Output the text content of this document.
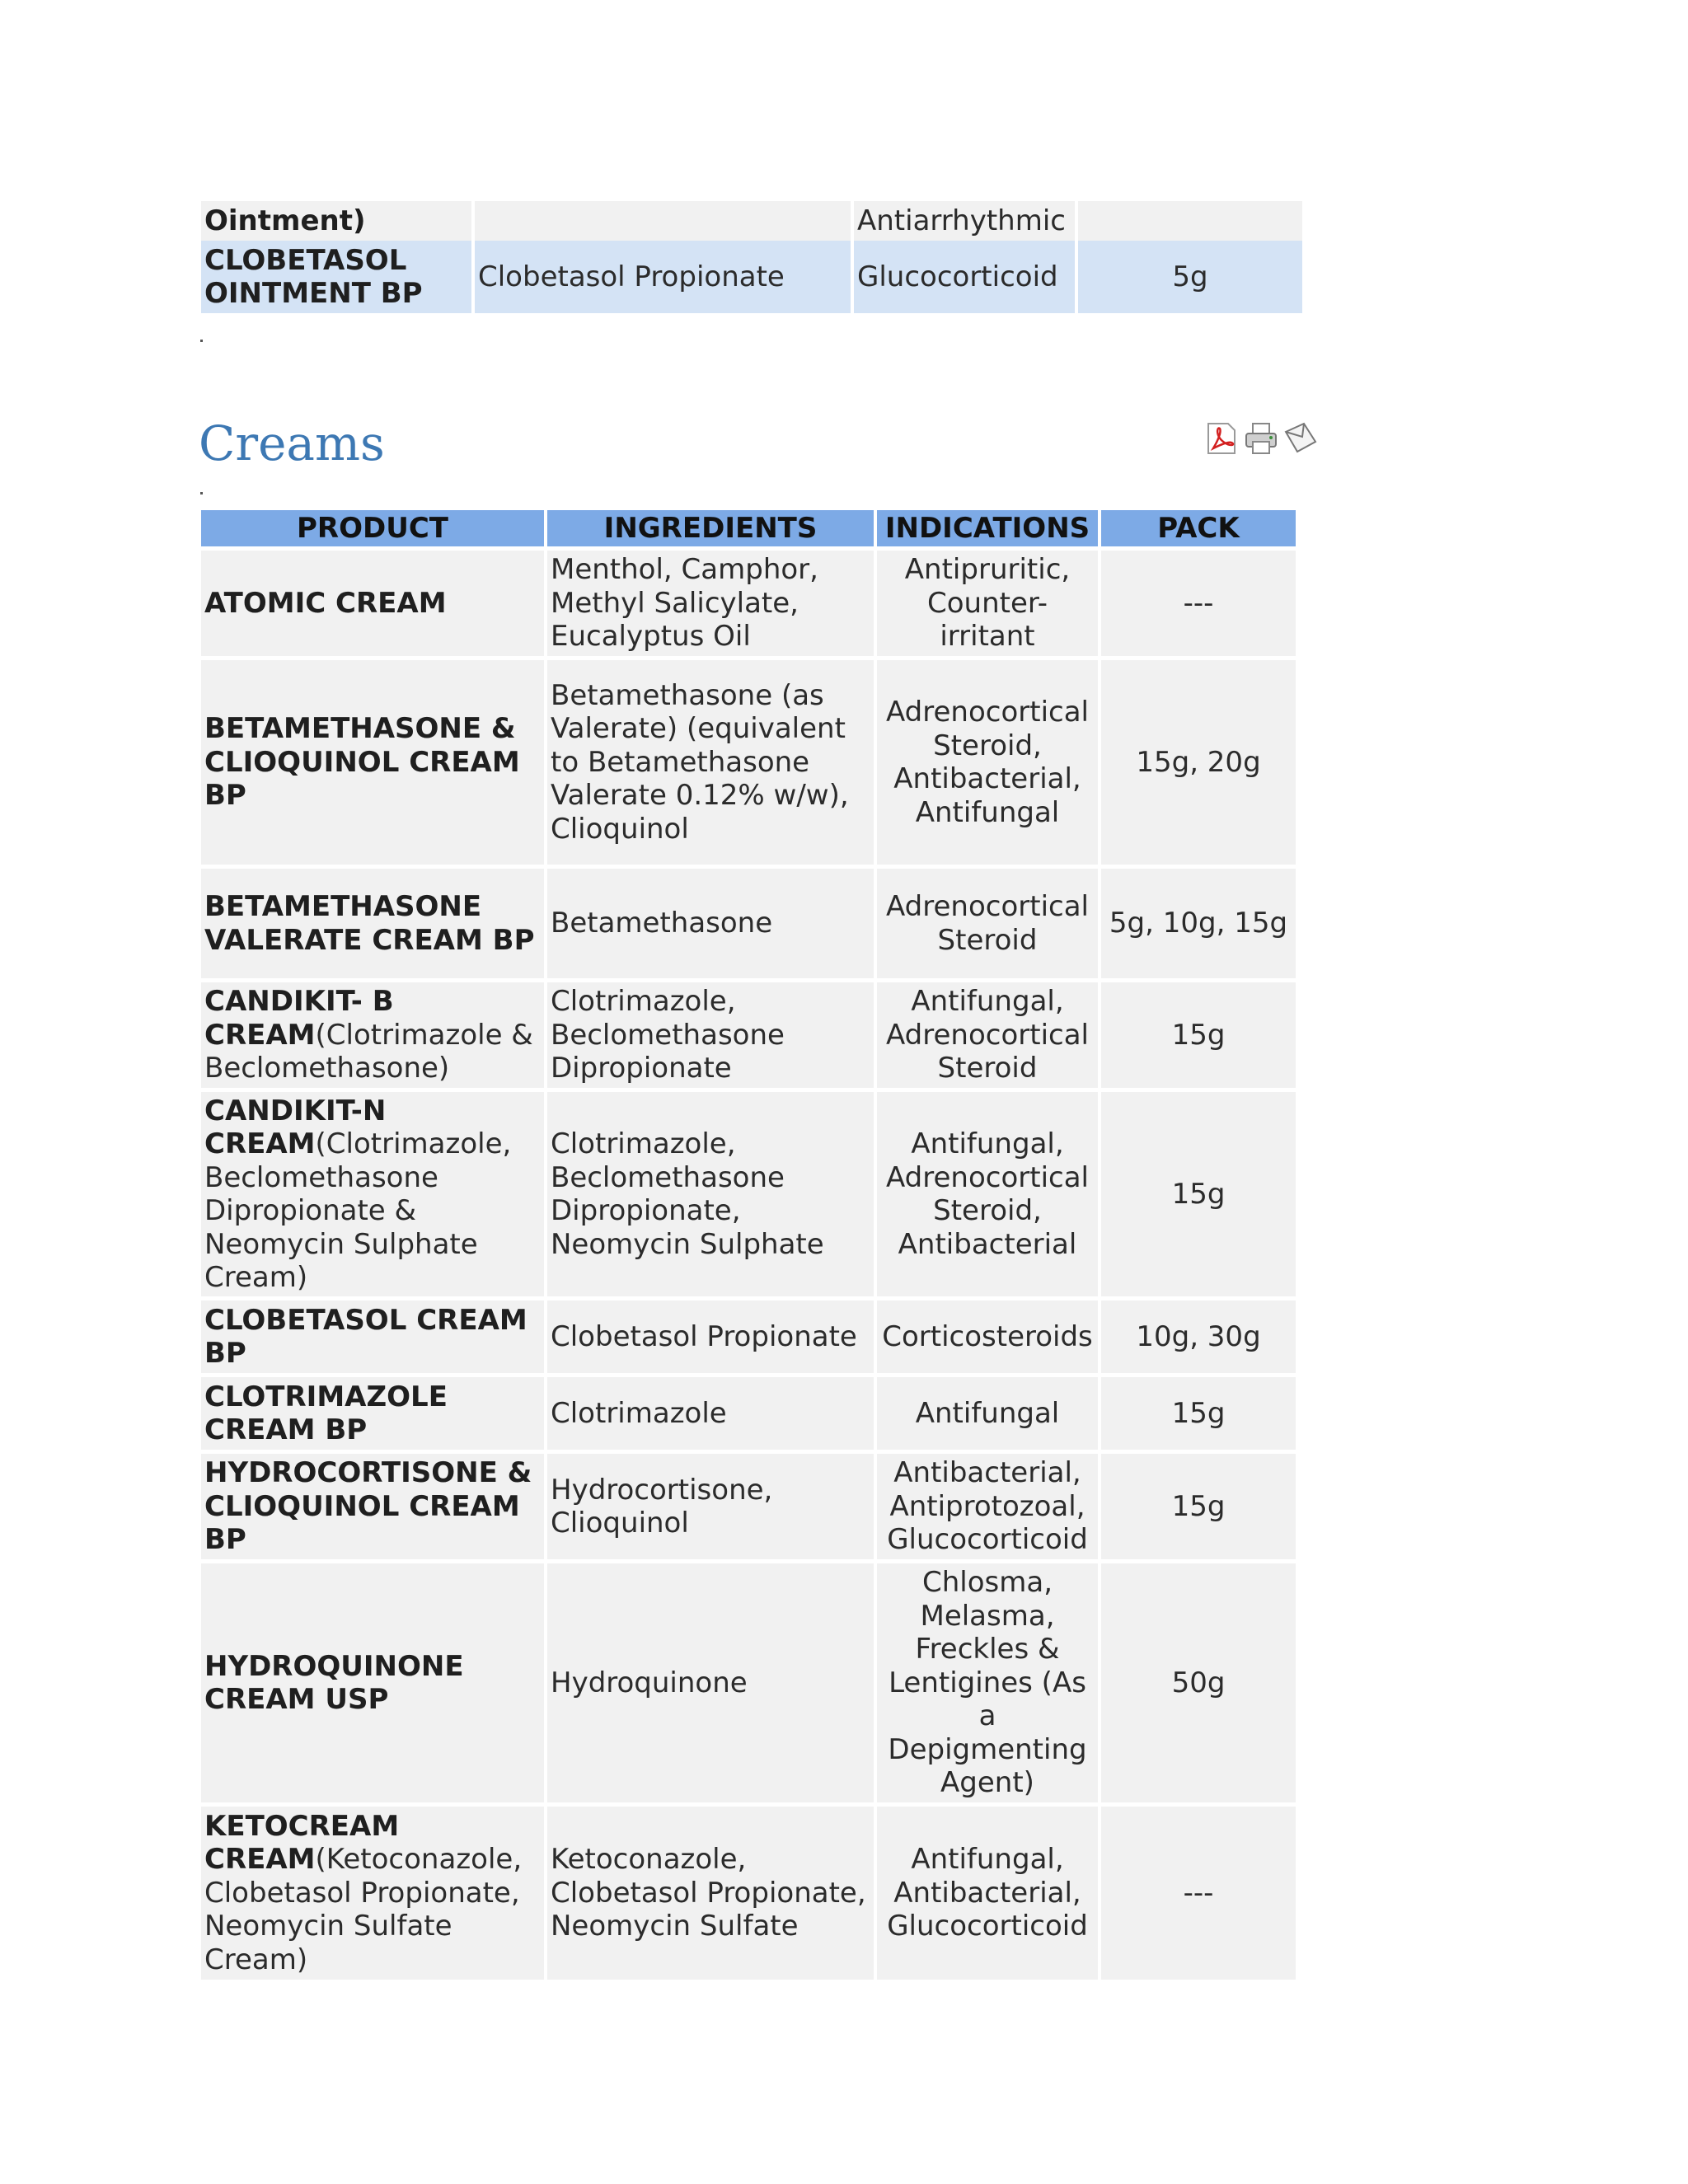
Ointment)		Antiarrhythmic	
CLOBETASOL OINTMENT BP	Clobetasol Propionate	Glucocorticoid	5g
Creams
PRODUCT	INGREDIENTS	INDICATIONS	PACK
ATOMIC CREAM	Menthol, Camphor, Methyl Salicylate, Eucalyptus Oil	Antipruritic, Counter-irritant	---
BETAMETHASONE & CLIOQUINOL CREAM BP	Betamethasone (as Valerate) (equivalent to Betamethasone Valerate 0.12% w/w), Clioquinol	Adrenocortical Steroid, Antibacterial, Antifungal	15g, 20g
BETAMETHASONE VALERATE CREAM BP	Betamethasone	Adrenocortical Steroid	5g, 10g, 15g
CANDIKIT- B CREAM(Clotrimazole & Beclomethasone)	Clotrimazole, Beclomethasone Dipropionate	Antifungal, Adrenocortical Steroid	15g
CANDIKIT-N CREAM(Clotrimazole, Beclomethasone Dipropionate & Neomycin Sulphate Cream)	Clotrimazole, Beclomethasone Dipropionate, Neomycin Sulphate	Antifungal, Adrenocortical Steroid, Antibacterial	15g
CLOBETASOL CREAM BP	Clobetasol Propionate	Corticosteroids	10g, 30g
CLOTRIMAZOLE CREAM BP	Clotrimazole	Antifungal	15g
HYDROCORTISONE & CLIOQUINOL CREAM BP	Hydrocortisone, Clioquinol	Antibacterial, Antiprotozoal, Glucocorticoid	15g
HYDROQUINONE CREAM USP	Hydroquinone	Chlosma, Melasma, Freckles & Lentigines (As a Depigmenting Agent)	50g
KETOCREAM CREAM(Ketoconazole, Clobetasol Propionate, Neomycin Sulfate Cream)	Ketoconazole, Clobetasol Propionate, Neomycin Sulfate	Antifungal, Antibacterial, Glucocorticoid	---
